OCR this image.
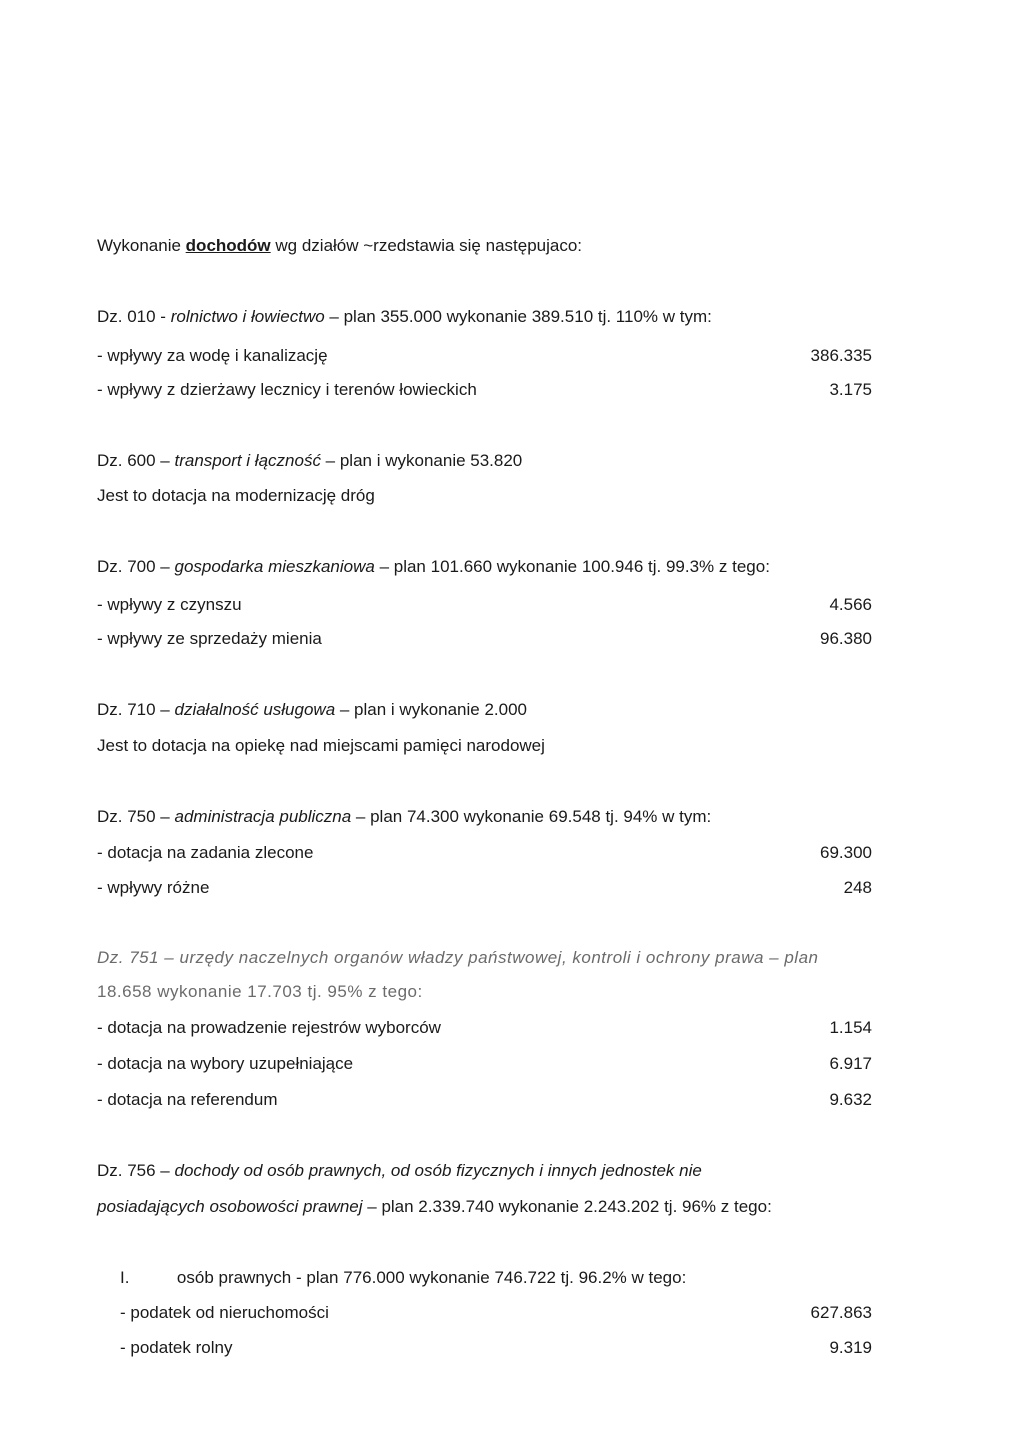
Wykonanie dochodów wg działów ~rzedstawia się następujaco:
Dz. 010 - rolnictwo i łowiectwo – plan 355.000 wykonanie 389.510 tj. 110% w tym:
- wpływy za wodę i kanalizację	386.335
- wpływy z dzierżawy lecznicy i terenów łowieckich	3.175
Dz. 600 – transport i łączność – plan i wykonanie 53.820
Jest to dotacja na modernizację dróg
Dz. 700 – gospodarka mieszkaniowa – plan 101.660 wykonanie 100.946 tj. 99.3% z tego:
- wpływy z czynszu	4.566
- wpływy ze sprzedaży mienia	96.380
Dz. 710 – działalność usługowa – plan i wykonanie 2.000
Jest to dotacja na opiekę nad miejscami pamięci narodowej
Dz. 750 – administracja publiczna – plan 74.300 wykonanie 69.548 tj. 94% w tym:
- dotacja na zadania zlecone	69.300
- wpływy różne	248
Dz. 751 – urzędy naczelnych organów władzy państwowej, kontroli i ochrony prawa – plan
18.658 wykonanie 17.703 tj. 95% z tego:
- dotacja na prowadzenie rejestrów wyborców	1.154
- dotacja na wybory uzupełniające	6.917
- dotacja na referendum	9.632
Dz. 756 – dochody od osób prawnych, od osób fizycznych i innych jednostek nie
posiadających osobowości prawnej – plan 2.339.740 wykonanie 2.243.202 tj. 96% z tego:
I.	osób prawnych - plan 776.000 wykonanie 746.722 tj. 96.2% w tego:
- podatek od nieruchomości	627.863
- podatek rolny	9.319
